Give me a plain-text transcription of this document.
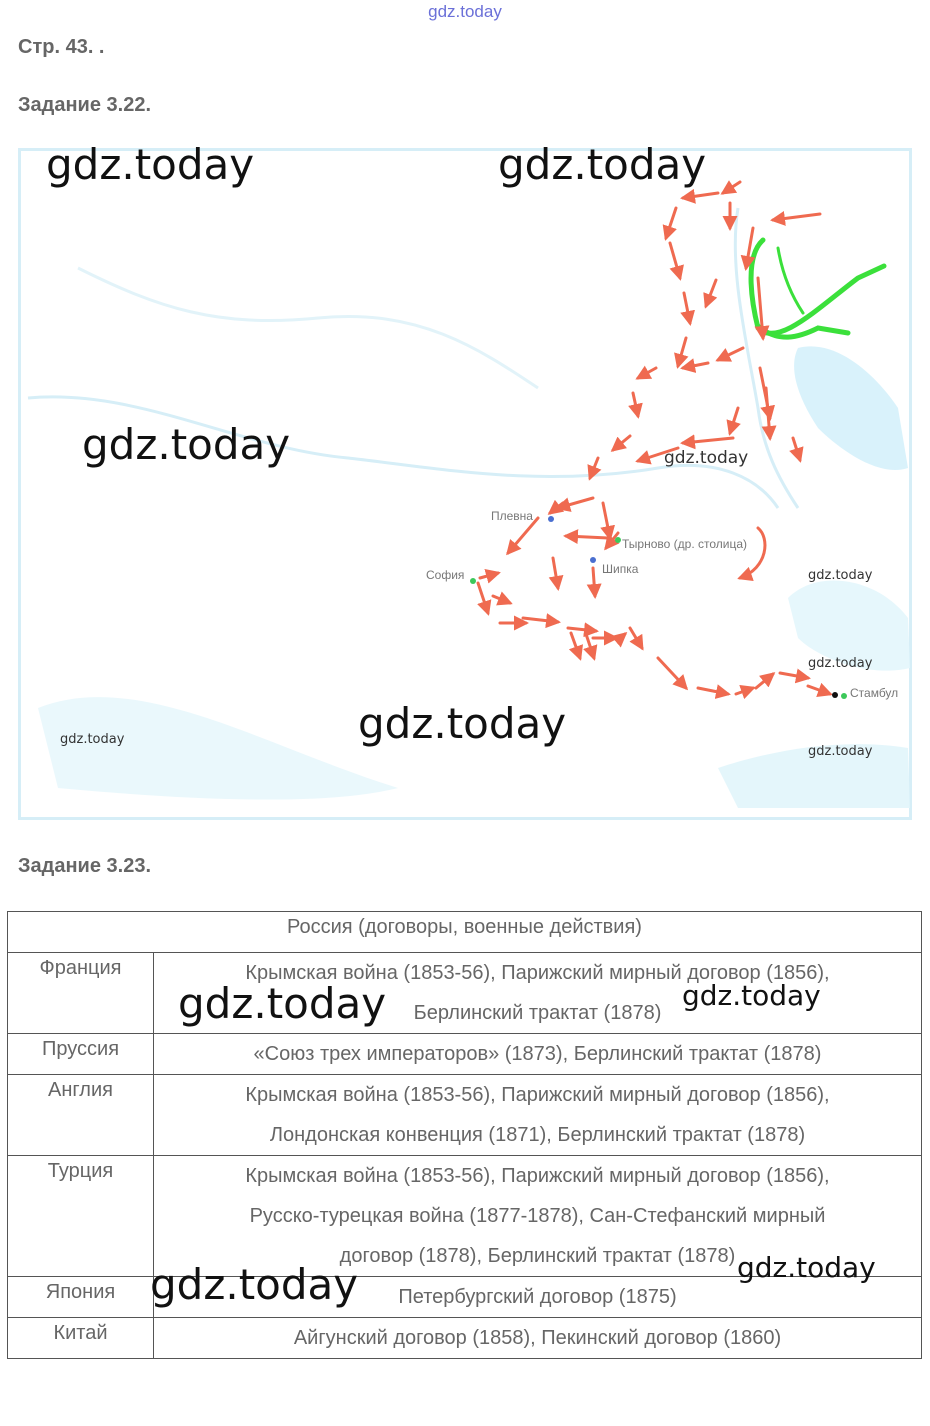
gdz.today
Стр. 43. .
Задание 3.22.
Плевна
Тырново (др. столица)
Шипка
София
Стамбул
gdz.today	gdz.today
gdz.today	gdz.today
gdz.today
gdz.today
gdz.today
gdz.today
gdz.today
Задание 3.23.
Россия (договоры, военные действия)	
Франция	Крымская война (1853-56), Парижский мирный договор (1856),
Берлинский трактат (1878)

Пруссия	«Союз трех императоров» (1873), Берлинский трактат (1878)

Англия	Крымская война (1853-56), Парижский мирный договор (1856),
Лондонская конвенция (1871), Берлинский трактат (1878)

Турция	Крымская война (1853-56), Парижский мирный договор (1856),
Русско-турецкая война (1877-1878), Сан-Стефанский мирный
договор (1878), Берлинский трактат (1878)

Япония	Петербургский договор (1875)

Китай	Айгунский договор (1858), Пекинский договор (1860)
gdz.today	gdz.today
gdz.today	gdz.today
